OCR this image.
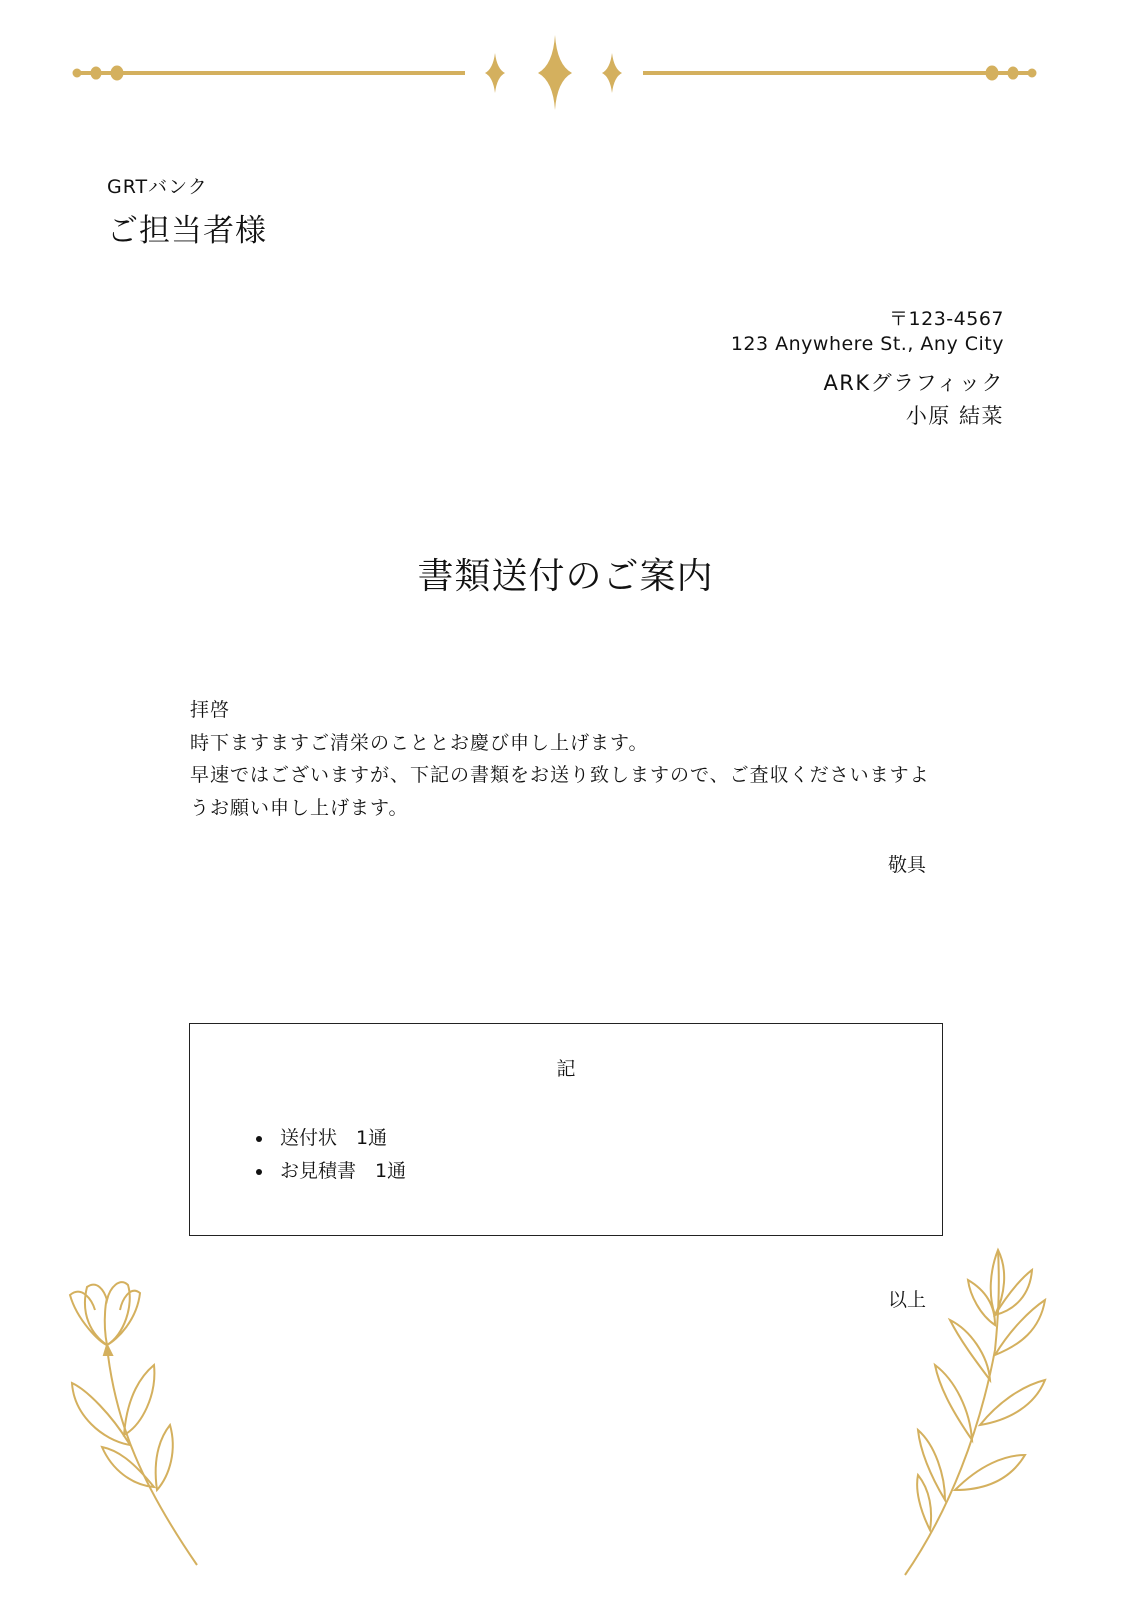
GRTバンク
ご担当者様
〒123-4567
123 Anywhere St., Any City
ARKグラフィック
小原 結菜
書類送付のご案内

拝啓

時下ますますご清栄のこととお慶び申し上げます。

早速ではございますが、下記の書類をお送り致しますので、ご査収くださいますようお願い申し上げます。

敬具
記
• 送付状　1通
• お見積書　1通
以上
